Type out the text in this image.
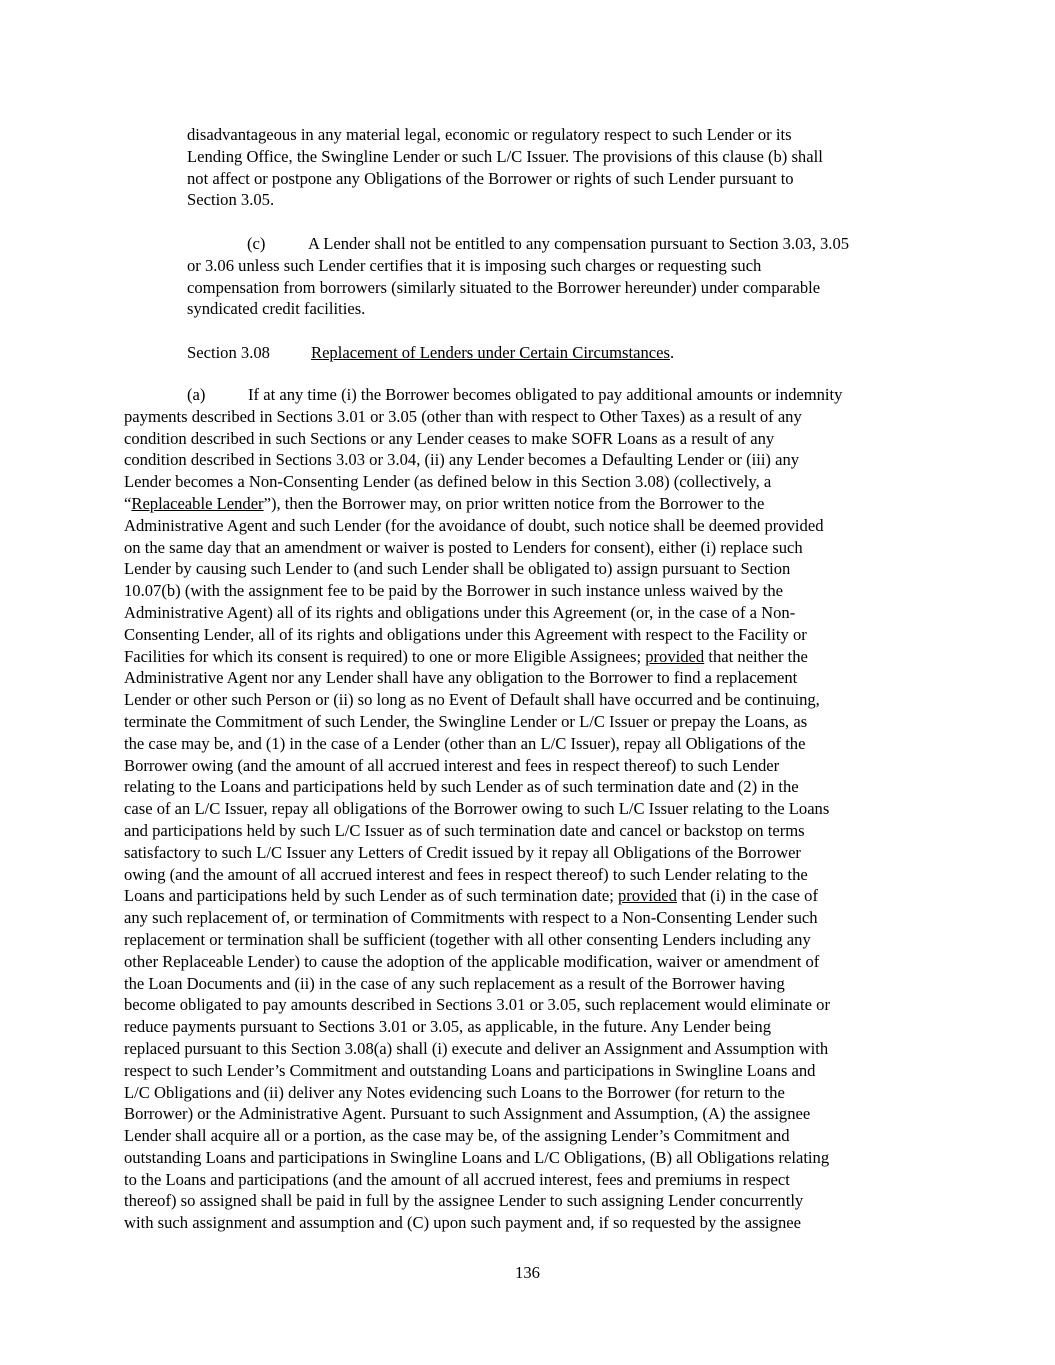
disadvantageous in any material legal, economic or regulatory respect to such Lender or its
Lending Office, the Swingline Lender or such L/C Issuer. The provisions of this clause (b) shall
not affect or postpone any Obligations of the Borrower or rights of such Lender pursuant to
Section 3.05.
(c)	A Lender shall not be entitled to any compensation pursuant to Section 3.03, 3.05
or 3.06 unless such Lender certifies that it is imposing such charges or requesting such
compensation from borrowers (similarly situated to the Borrower hereunder) under comparable
syndicated credit facilities.
Section 3.08 Replacement of Lenders under Certain Circumstances.
(a)	If at any time (i) the Borrower becomes obligated to pay additional amounts or indemnity
payments described in Sections 3.01 or 3.05 (other than with respect to Other Taxes) as a result of any
condition described in such Sections or any Lender ceases to make SOFR Loans as a result of any
condition described in Sections 3.03 or 3.04, (ii) any Lender becomes a Defaulting Lender or (iii) any
Lender becomes a Non-Consenting Lender (as defined below in this Section 3.08) (collectively, a
“Replaceable Lender”), then the Borrower may, on prior written notice from the Borrower to the
Administrative Agent and such Lender (for the avoidance of doubt, such notice shall be deemed provided
on the same day that an amendment or waiver is posted to Lenders for consent), either (i) replace such
Lender by causing such Lender to (and such Lender shall be obligated to) assign pursuant to Section
10.07(b) (with the assignment fee to be paid by the Borrower in such instance unless waived by the
Administrative Agent) all of its rights and obligations under this Agreement (or, in the case of a Non-
Consenting Lender, all of its rights and obligations under this Agreement with respect to the Facility or
Facilities for which its consent is required) to one or more Eligible Assignees; provided that neither the
Administrative Agent nor any Lender shall have any obligation to the Borrower to find a replacement
Lender or other such Person or (ii) so long as no Event of Default shall have occurred and be continuing,
terminate the Commitment of such Lender, the Swingline Lender or L/C Issuer or prepay the Loans, as
the case may be, and (1) in the case of a Lender (other than an L/C Issuer), repay all Obligations of the
Borrower owing (and the amount of all accrued interest and fees in respect thereof) to such Lender
relating to the Loans and participations held by such Lender as of such termination date and (2) in the
case of an L/C Issuer, repay all obligations of the Borrower owing to such L/C Issuer relating to the Loans
and participations held by such L/C Issuer as of such termination date and cancel or backstop on terms
satisfactory to such L/C Issuer any Letters of Credit issued by it repay all Obligations of the Borrower
owing (and the amount of all accrued interest and fees in respect thereof) to such Lender relating to the
Loans and participations held by such Lender as of such termination date; provided that (i) in the case of
any such replacement of, or termination of Commitments with respect to a Non-Consenting Lender such
replacement or termination shall be sufficient (together with all other consenting Lenders including any
other Replaceable Lender) to cause the adoption of the applicable modification, waiver or amendment of
the Loan Documents and (ii) in the case of any such replacement as a result of the Borrower having
become obligated to pay amounts described in Sections 3.01 or 3.05, such replacement would eliminate or
reduce payments pursuant to Sections 3.01 or 3.05, as applicable, in the future. Any Lender being
replaced pursuant to this Section 3.08(a) shall (i) execute and deliver an Assignment and Assumption with
respect to such Lender’s Commitment and outstanding Loans and participations in Swingline Loans and
L/C Obligations and (ii) deliver any Notes evidencing such Loans to the Borrower (for return to the
Borrower) or the Administrative Agent. Pursuant to such Assignment and Assumption, (A) the assignee
Lender shall acquire all or a portion, as the case may be, of the assigning Lender’s Commitment and
outstanding Loans and participations in Swingline Loans and L/C Obligations, (B) all Obligations relating
to the Loans and participations (and the amount of all accrued interest, fees and premiums in respect
thereof) so assigned shall be paid in full by the assignee Lender to such assigning Lender concurrently
with such assignment and assumption and (C) upon such payment and, if so requested by the assignee
136
